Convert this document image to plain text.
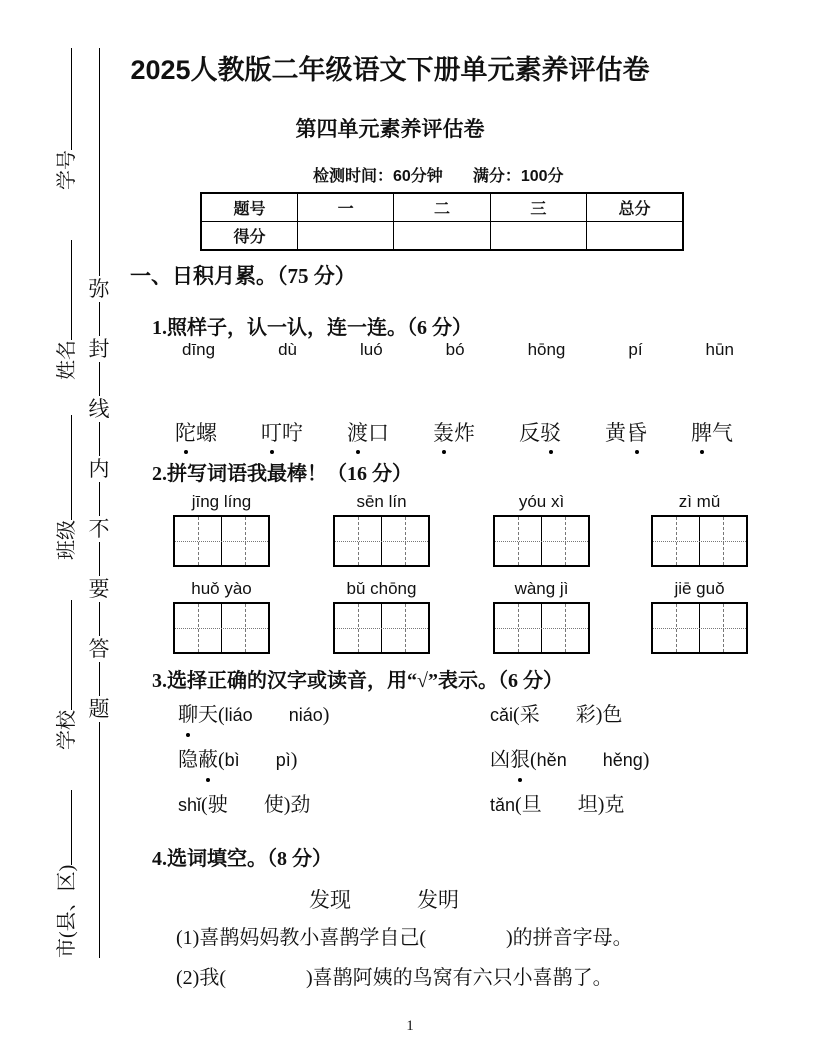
学号
姓名
班级
学校
市(县、区)
弥
封
线
内
不
要
答
题
2025人教版二年级语文下册单元素养评估卷
第四单元素养评估卷
检测时间：60分钟 满分：100分
题号	一	二	三	总分
得分				
一、日积月累。（75 分）
1.照样子，认一认，连一连。（6 分）
dīng	dù	luó	bó	hōng	pí	hūn
陀螺 叮咛 渡口 轰炸 反驳 黄昏 脾气
2.拼写词语我最棒！（16 分）
jīng líng	sēn lín	yóu xì	zì mǔ
huǒ yào	bǔ chōng	wàng jì	jiē guǒ
3.选择正确的汉字或读音，用“√”表示。（6 分）
聊天(liáo niáo)	cǎi(采 彩)色
隐蔽(bì pì)	凶狠(hěn hěng)
shǐ(驶 使)劲	tǎn(旦 坦)克
4.选词填空。（8 分）
发现	发明
(1)喜鹊妈妈教小喜鹊学自己(　　　　)的拼音字母。
(2)我(　　　　)喜鹊阿姨的鸟窝有六只小喜鹊了。
1
